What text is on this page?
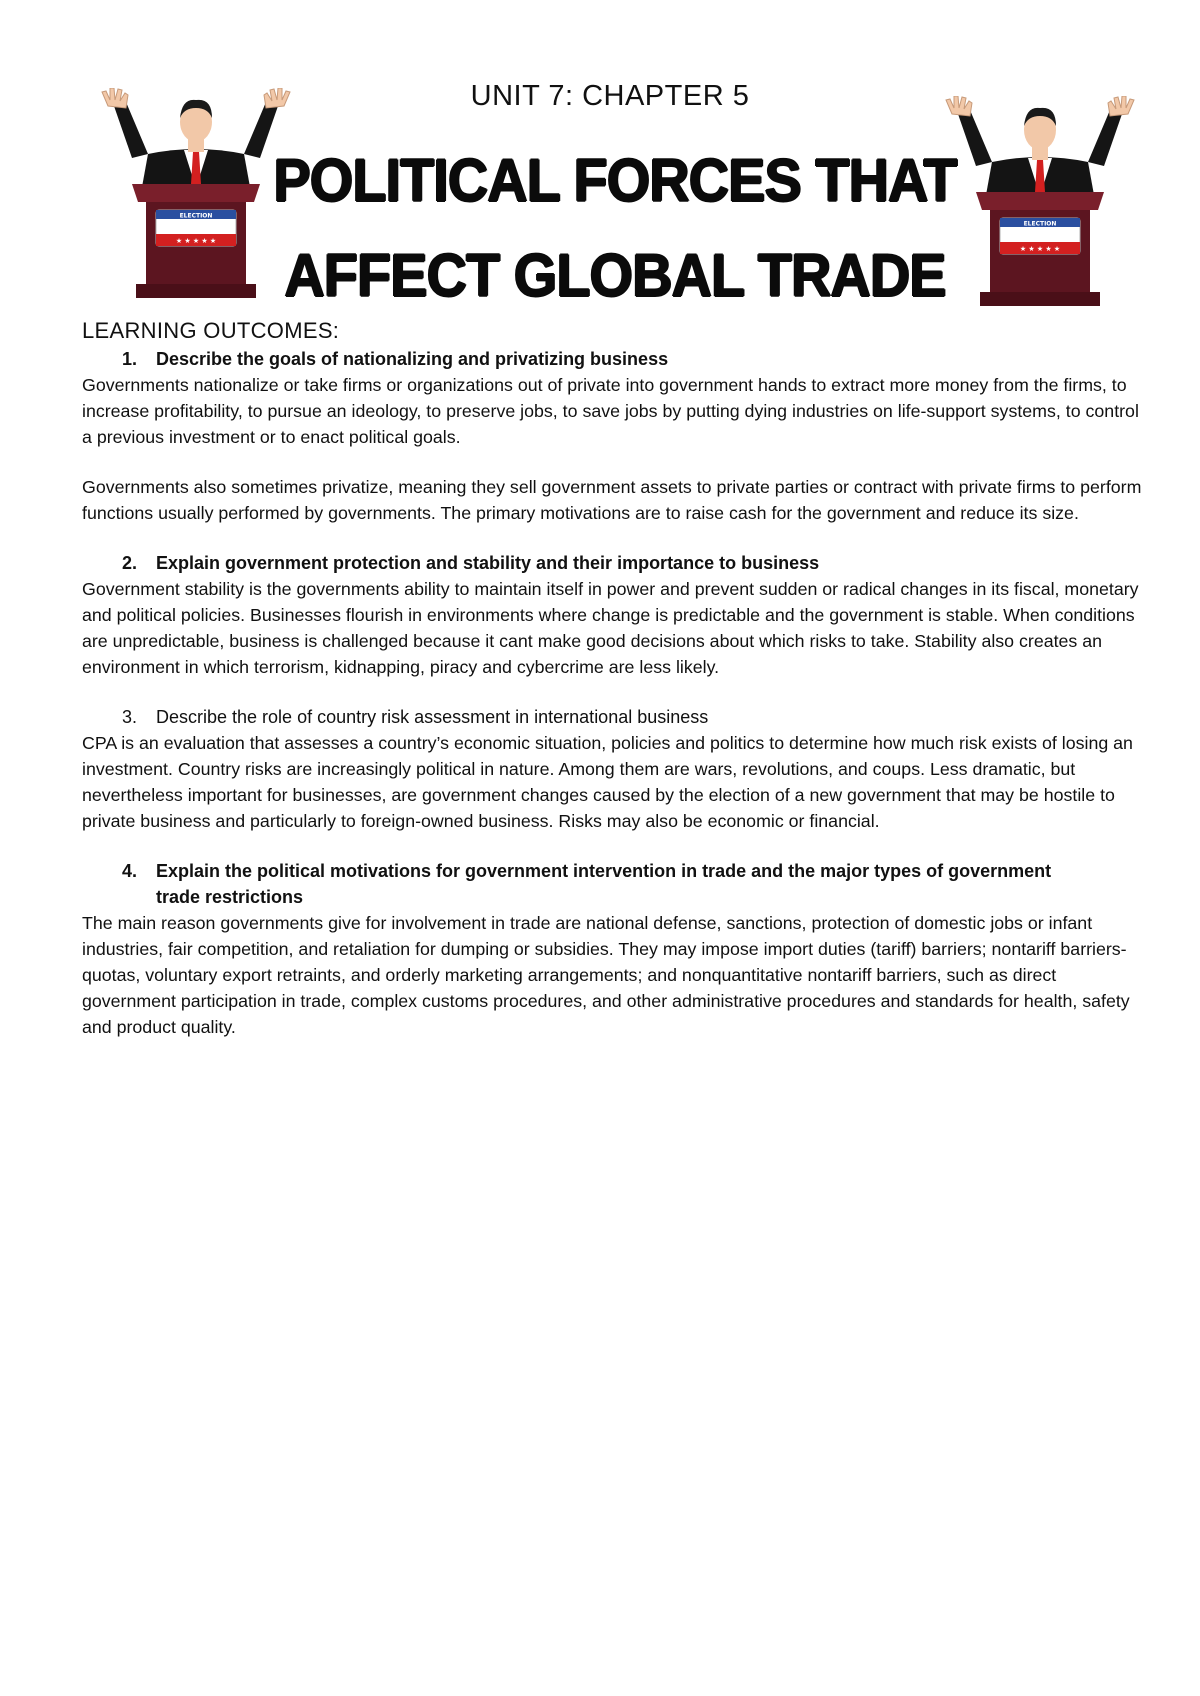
ELECTION
★ ★ ★ ★ ★
ELECTION
★ ★ ★ ★ ★
UNIT 7: CHAPTER 5
POLITICAL FORCES THAT
AFFECT GLOBAL TRADE
LEARNING OUTCOMES:
1.	Describe the goals of nationalizing and privatizing business

Governments nationalize or take firms or organizations out of private into government hands to extract more money from the firms, to increase profitability, to pursue an ideology, to preserve jobs, to save jobs by putting dying industries on life-support systems, to control a previous investment or to enact political goals.

Governments also sometimes privatize, meaning they sell government assets to private parties or contract with private firms to perform functions usually performed by governments. The primary motivations are to raise cash for the government and reduce its size.

2.	Explain government protection and stability and their importance to business

Government stability is the governments ability to maintain itself in power and prevent sudden or radical changes in its fiscal, monetary and political policies. Businesses flourish in environments where change is predictable and the government is stable. When conditions are unpredictable, business is challenged because it cant make good decisions about which risks to take. Stability also creates an environment in which terrorism, kidnapping, piracy and cybercrime are less likely.

3.	Describe the role of country risk assessment in international business

CPA is an evaluation that assesses a country’s economic situation, policies and politics to determine how much risk exists of losing an investment. Country risks are increasingly political in nature. Among them are wars, revolutions, and coups. Less dramatic, but nevertheless important for businesses, are government changes caused by the election of a new government that may be hostile to private business and particularly to foreign-owned business. Risks may also be economic or financial.

4.	Explain the political motivations for government intervention in trade and the major types of government trade restrictions

The main reason governments give for involvement in trade are national defense, sanctions, protection of domestic jobs or infant industries, fair competition, and retaliation for dumping or subsidies. They may impose import duties (tariff) barriers; nontariff barriers- quotas, voluntary export retraints, and orderly marketing arrangements; and nonquantitative nontariff barriers, such as direct government participation in trade, complex customs procedures, and other administrative procedures and standards for health, safety and product quality.
